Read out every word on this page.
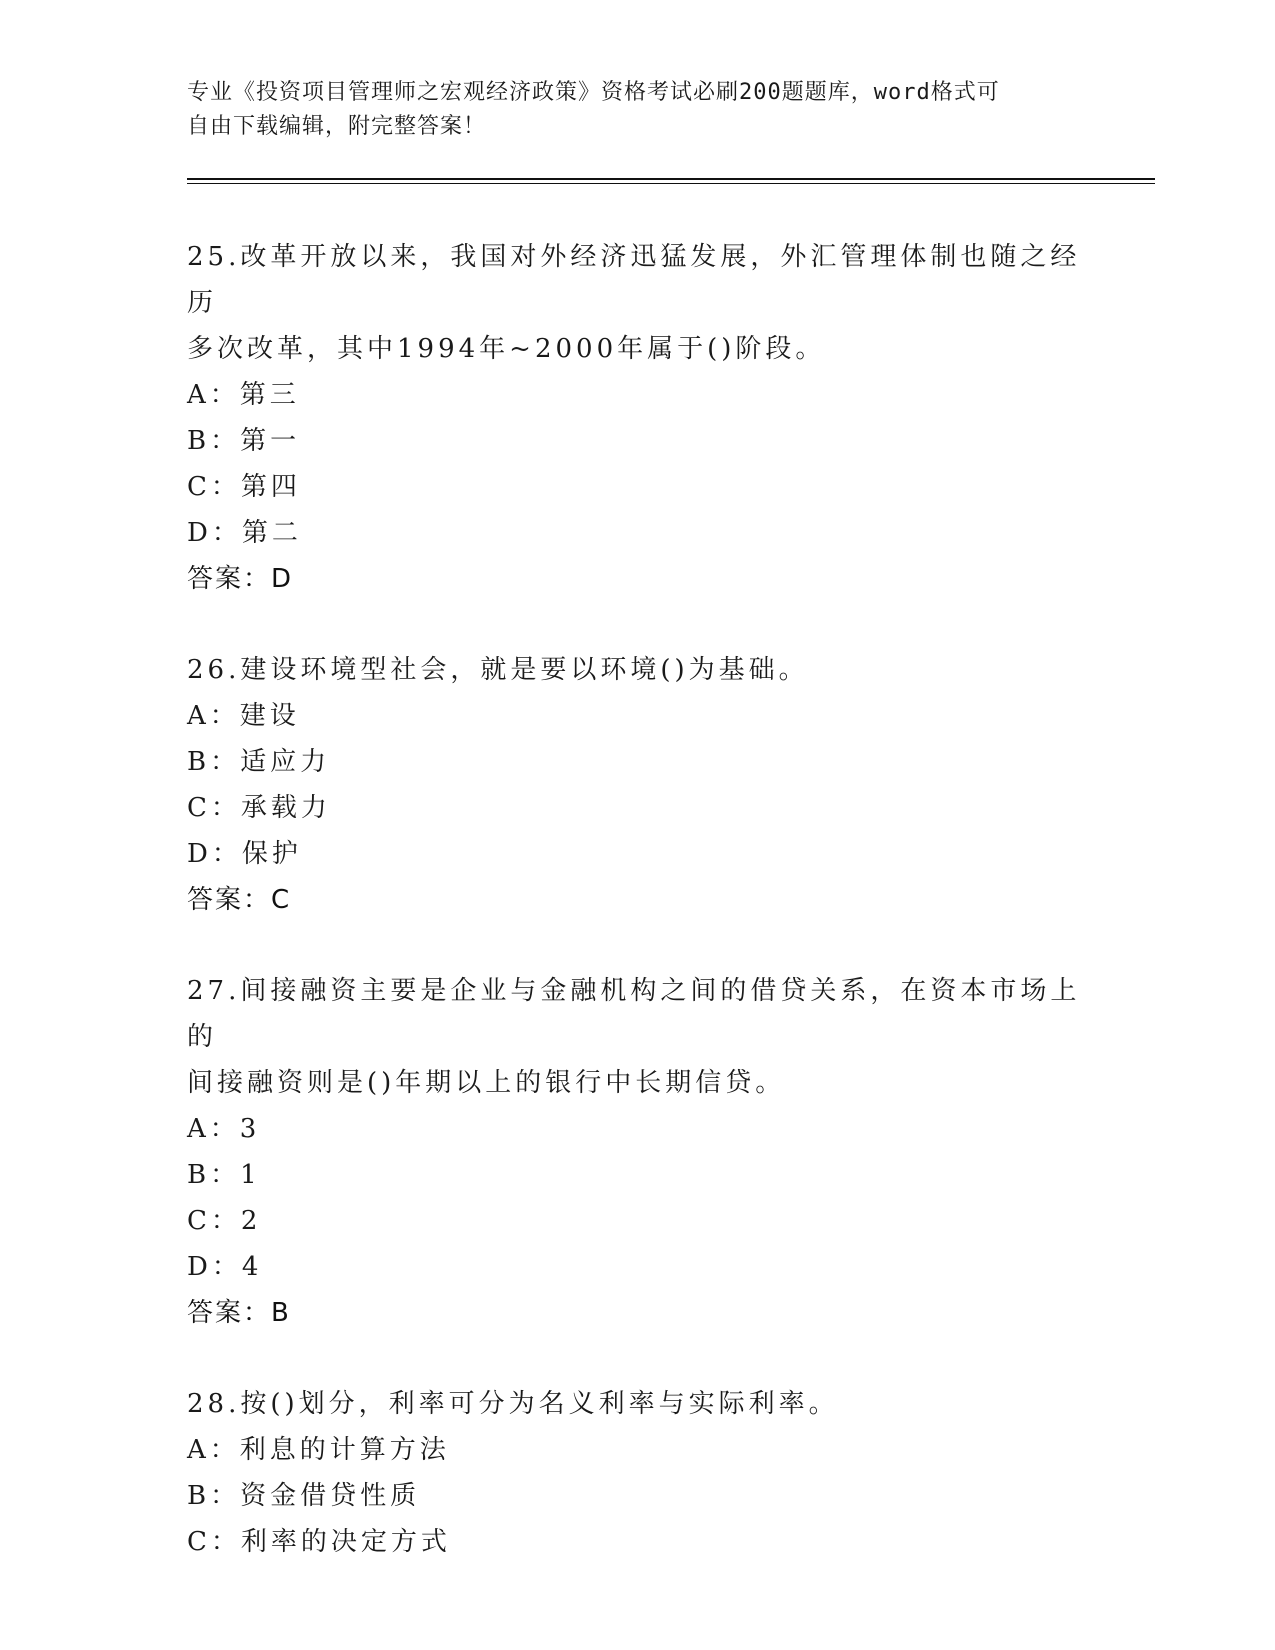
专业《投资项目管理师之宏观经济政策》资格考试必刷200题题库，word格式可
自由下载编辑，附完整答案！

25.改革开放以来，我国对外经济迅猛发展，外汇管理体制也随之经历

多次改革，其中1994年~2000年属于()阶段。

A：第三

B：第一

C：第四

D：第二

答案：D

26.建设环境型社会，就是要以环境()为基础。

A：建设

B：适应力

C：承载力

D：保护

答案：C

27.间接融资主要是企业与金融机构之间的借贷关系，在资本市场上的

间接融资则是()年期以上的银行中长期信贷。

A：3

B：1

C：2

D：4

答案：B

28.按()划分，利率可分为名义利率与实际利率。

A：利息的计算方法

B：资金借贷性质

C：利率的决定方式
